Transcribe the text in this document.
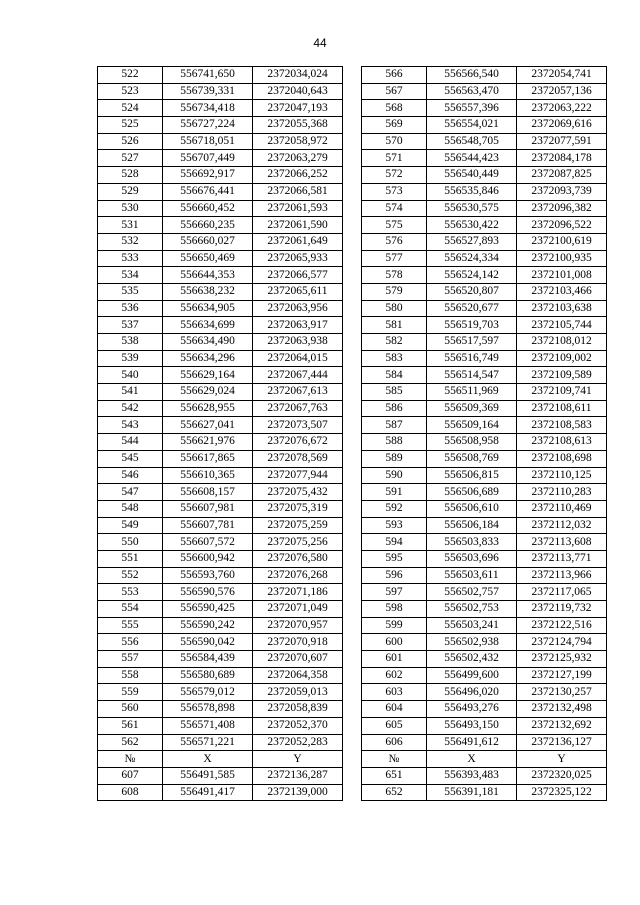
44
522	556741,650	2372034,024
523	556739,331	2372040,643
524	556734,418	2372047,193
525	556727,224	2372055,368
526	556718,051	2372058,972
527	556707,449	2372063,279
528	556692,917	2372066,252
529	556676,441	2372066,581
530	556660,452	2372061,593
531	556660,235	2372061,590
532	556660,027	2372061,649
533	556650,469	2372065,933
534	556644,353	2372066,577
535	556638,232	2372065,611
536	556634,905	2372063,956
537	556634,699	2372063,917
538	556634,490	2372063,938
539	556634,296	2372064,015
540	556629,164	2372067,444
541	556629,024	2372067,613
542	556628,955	2372067,763
543	556627,041	2372073,507
544	556621,976	2372076,672
545	556617,865	2372078,569
546	556610,365	2372077,944
547	556608,157	2372075,432
548	556607,981	2372075,319
549	556607,781	2372075,259
550	556607,572	2372075,256
551	556600,942	2372076,580
552	556593,760	2372076,268
553	556590,576	2372071,186
554	556590,425	2372071,049
555	556590,242	2372070,957
556	556590,042	2372070,918
557	556584,439	2372070,607
558	556580,689	2372064,358
559	556579,012	2372059,013
560	556578,898	2372058,839
561	556571,408	2372052,370
562	556571,221	2372052,283
№	X	Y
607	556491,585	2372136,287
608	556491,417	2372139,000
566	556566,540	2372054,741
567	556563,470	2372057,136
568	556557,396	2372063,222
569	556554,021	2372069,616
570	556548,705	2372077,591
571	556544,423	2372084,178
572	556540,449	2372087,825
573	556535,846	2372093,739
574	556530,575	2372096,382
575	556530,422	2372096,522
576	556527,893	2372100,619
577	556524,334	2372100,935
578	556524,142	2372101,008
579	556520,807	2372103,466
580	556520,677	2372103,638
581	556519,703	2372105,744
582	556517,597	2372108,012
583	556516,749	2372109,002
584	556514,547	2372109,589
585	556511,969	2372109,741
586	556509,369	2372108,611
587	556509,164	2372108,583
588	556508,958	2372108,613
589	556508,769	2372108,698
590	556506,815	2372110,125
591	556506,689	2372110,283
592	556506,610	2372110,469
593	556506,184	2372112,032
594	556503,833	2372113,608
595	556503,696	2372113,771
596	556503,611	2372113,966
597	556502,757	2372117,065
598	556502,753	2372119,732
599	556503,241	2372122,516
600	556502,938	2372124,794
601	556502,432	2372125,932
602	556499,600	2372127,199
603	556496,020	2372130,257
604	556493,276	2372132,498
605	556493,150	2372132,692
606	556491,612	2372136,127
№	X	Y
651	556393,483	2372320,025
652	556391,181	2372325,122
